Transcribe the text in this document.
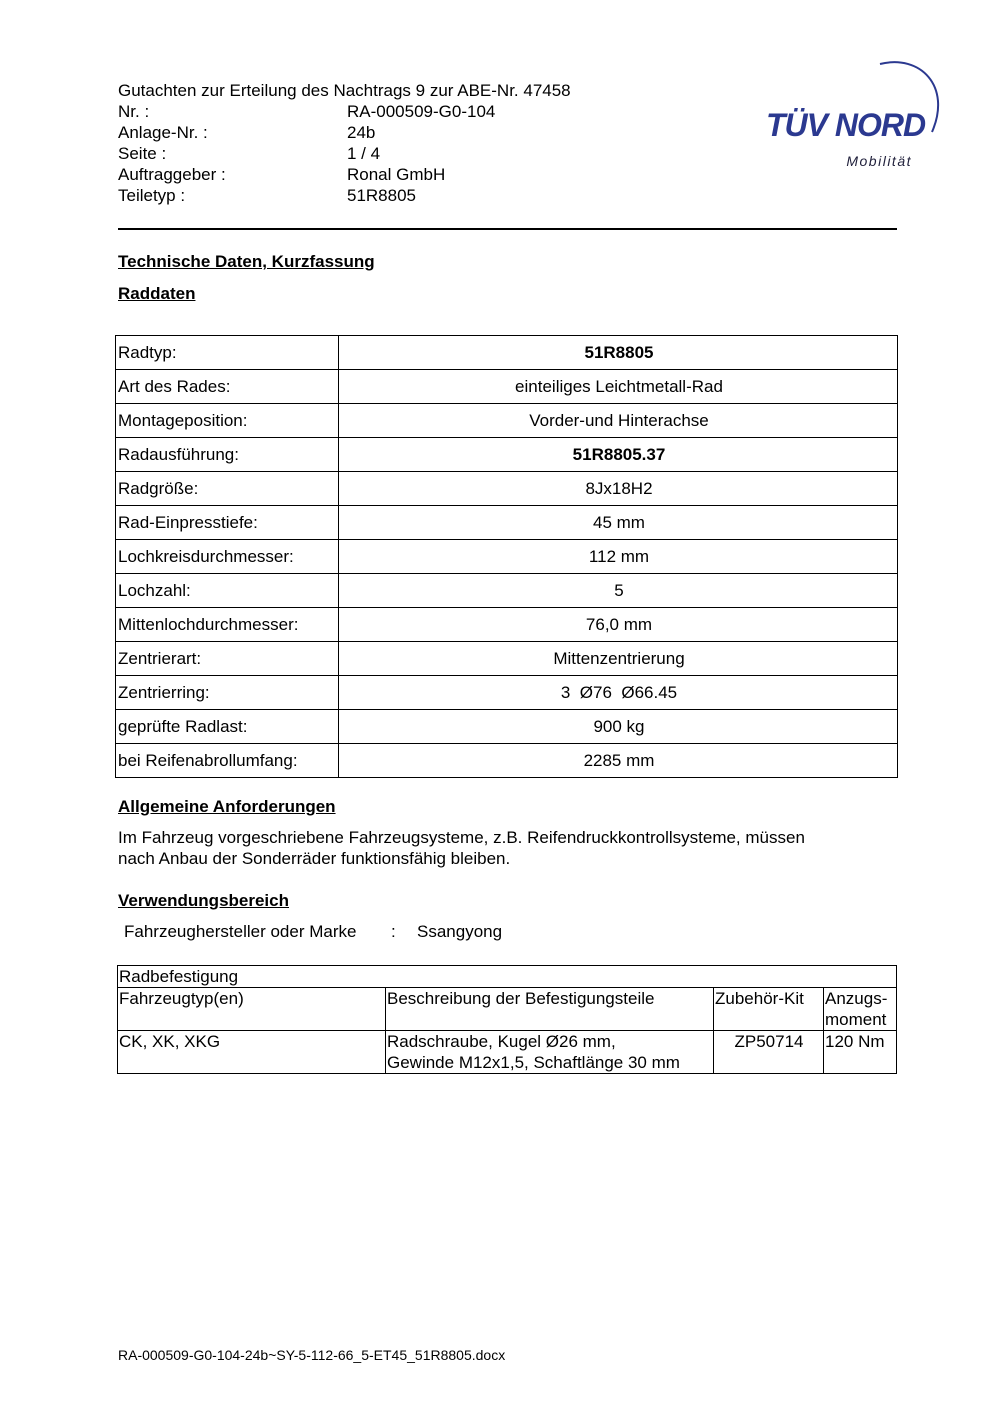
Gutachten zur Erteilung des Nachtrags 9 zur ABE-Nr. 47458
Nr. :	RA-000509-G0-104
Anlage-Nr. :	24b
Seite :	1 / 4
Auftraggeber :	Ronal GmbH
Teiletyp :	51R8805
TÜV NORD
Mobilität
Technische Daten, Kurzfassung
Raddaten
Radtyp:	51R8805
Art des Rades:	einteiliges Leichtmetall-Rad
Montageposition:	Vorder-und Hinterachse
Radausführung:	51R8805.37
Radgröße:	8Jx18H2
Rad-Einpresstiefe:	45 mm
Lochkreisdurchmesser:	112 mm
Lochzahl:	5
Mittenlochdurchmesser:	76,0 mm
Zentrierart:	Mittenzentrierung
Zentrierring:	3  Ø76  Ø66.45
geprüfte Radlast:	900 kg
bei Reifenabrollumfang:	2285 mm
Allgemeine Anforderungen
Im Fahrzeug vorgeschriebene Fahrzeugsysteme, z.B. Reifendruckkontrollsysteme, müssen
nach Anbau der Sonderräder funktionsfähig bleiben.
Verwendungsbereich
Fahrzeughersteller oder Marke	:	Ssangyong
Radbefestigung			
Fahrzeugtyp(en)	Beschreibung der Befestigungsteile	Zubehör-Kit	Anzugs-
moment

CK, XK, XKG	Radschraube, Kugel Ø26 mm,
Gewinde M12x1,5, Schaftlänge 30 mm	ZP50714	120 Nm
RA-000509-G0-104-24b~SY-5-112-66_5-ET45_51R8805.docx
